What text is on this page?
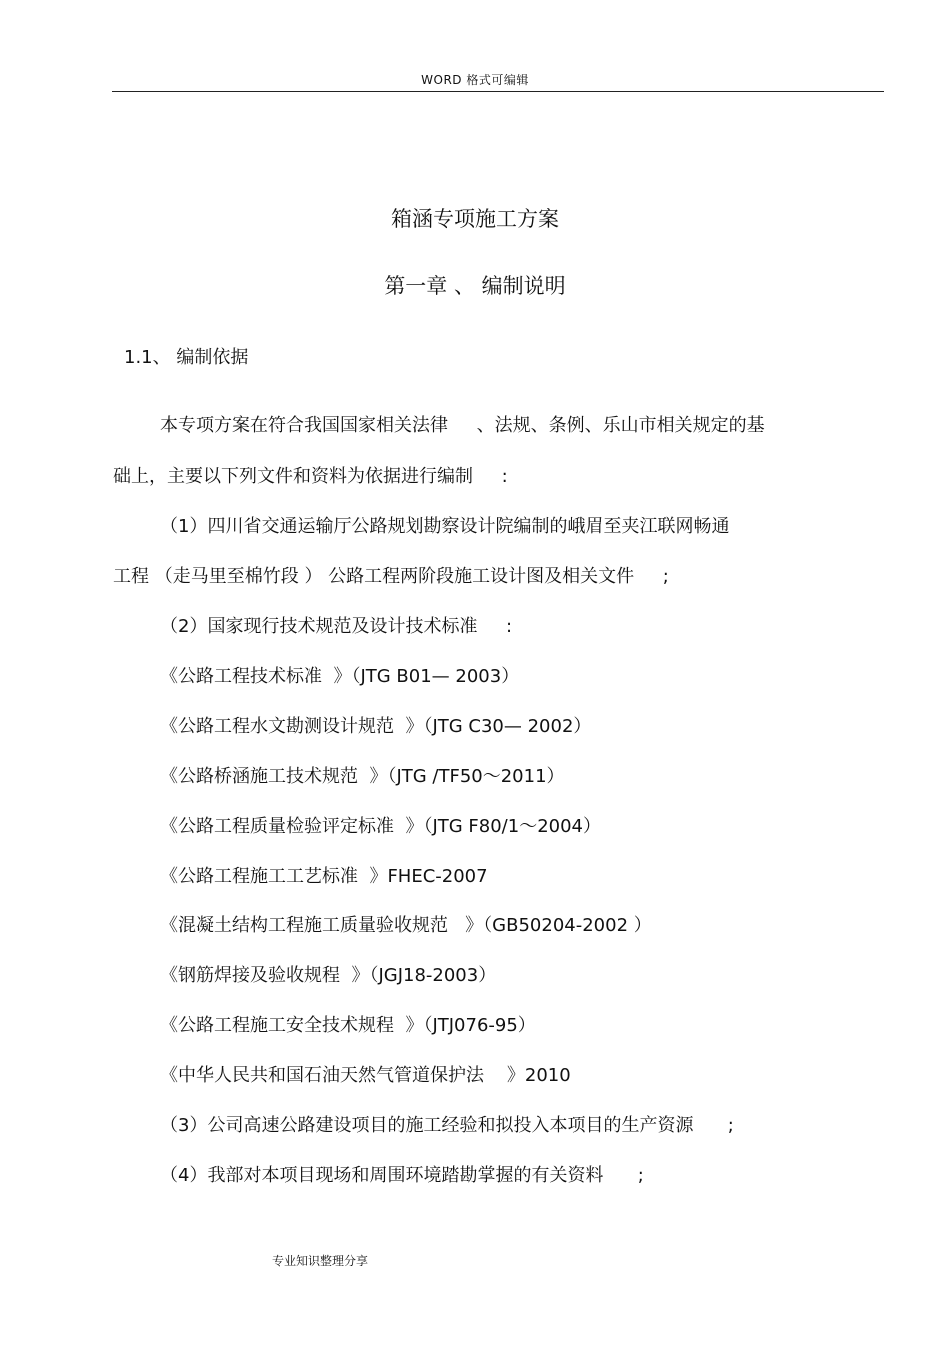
WORD 格式可编辑
箱涵专项施工方案
第一章 、 编制说明
1.1、 编制依据
本专项方案在符合我国国家相关法律     、法规、条例、乐山市相关规定的基
础上，主要以下列文件和资料为依据进行编制     :
（1）四川省交通运输厅公路规划勘察设计院编制的峨眉至夹江联网畅通
工程 （走马里至棉竹段 ） 公路工程两阶段施工设计图及相关文件     ;
（2）国家现行技术规范及设计技术标准     :
《公路工程技术标准  》（JTG B01— 2003）
《公路工程水文勘测设计规范  》（JTG C30— 2002）
《公路桥涵施工技术规范  》（JTG /TF50～2011）
《公路工程质量检验评定标准  》（JTG F80/1～2004）
《公路工程施工工艺标准  》FHEC-2007
《混凝土结构工程施工质量验收规范   》（GB50204-2002 ）
《钢筋焊接及验收规程  》（JGJ18-2003）
《公路工程施工安全技术规程  》（JTJ076-95）
《中华人民共和国石油天然气管道保护法    》2010
（3）公司高速公路建设项目的施工经验和拟投入本项目的生产资源      ;
（4）我部对本项目现场和周围环境踏勘掌握的有关资料      ;
专业知识整理分享
